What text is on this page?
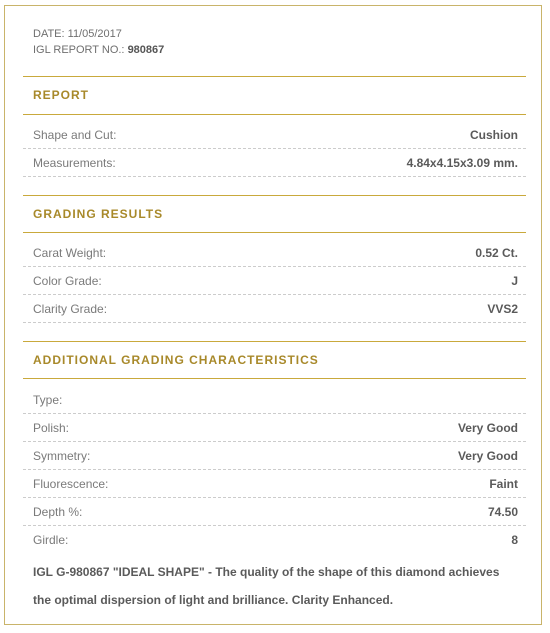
DATE: 11/05/2017
IGL REPORT NO.: 980867
REPORT
Shape and Cut:	Cushion
Measurements:	4.84x4.15x3.09 mm.
GRADING RESULTS
Carat Weight:	0.52 Ct.
Color Grade:	J
Clarity Grade:	VVS2
ADDITIONAL GRADING CHARACTERISTICS
Type:
Polish:	Very Good
Symmetry:	Very Good
Fluorescence:	Faint
Depth %:	74.50
Girdle:	8
IGL G-980867 "IDEAL SHAPE" - The quality of the shape of this diamond achieves the optimal dispersion of light and brilliance. Clarity Enhanced.
